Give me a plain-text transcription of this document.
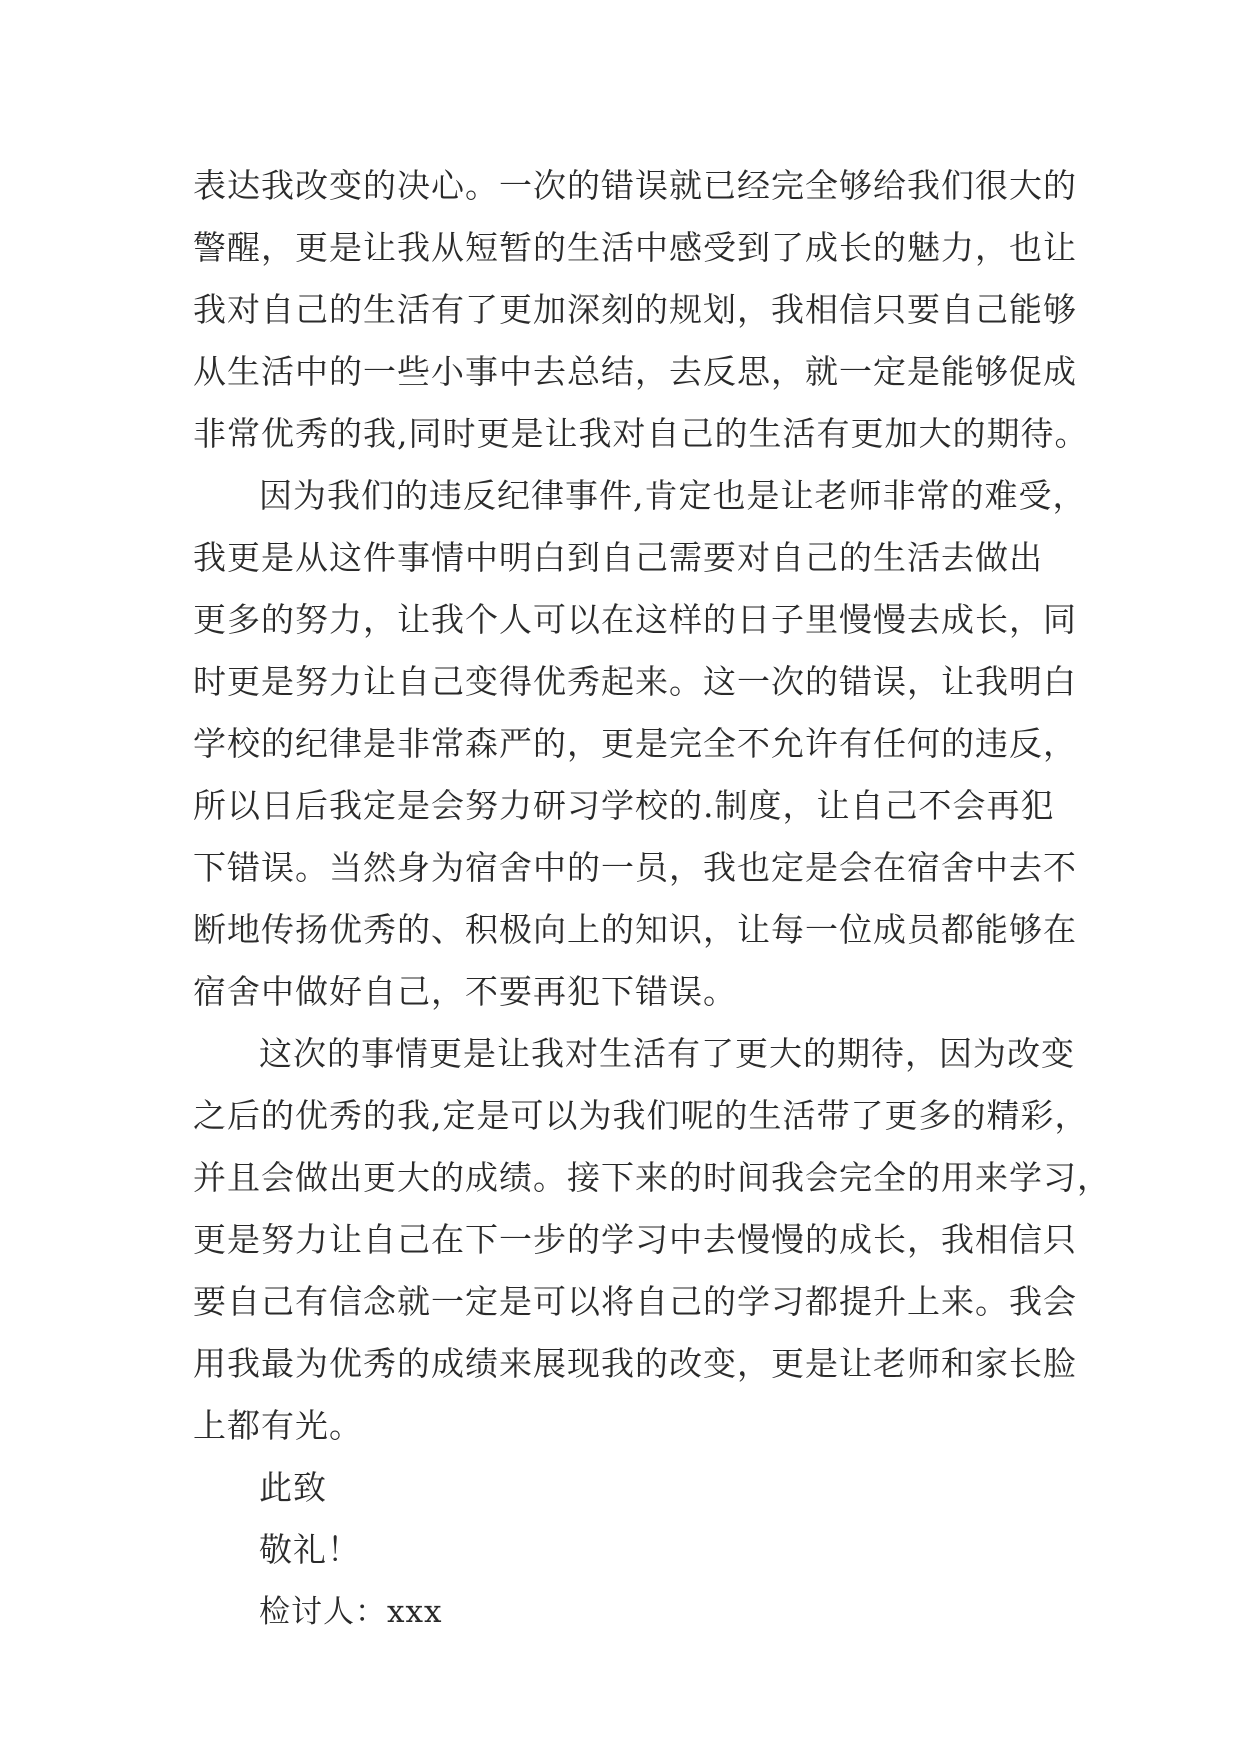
表达我改变的决心。一次的错误就已经完全够给我们很大的
警醒，更是让我从短暂的生活中感受到了成长的魅力，也让
我对自己的生活有了更加深刻的规划，我相信只要自己能够
从生活中的一些小事中去总结，去反思，就一定是能够促成
非常优秀的我,同时更是让我对自己的生活有更加大的期待。
因为我们的违反纪律事件,肯定也是让老师非常的难受，
我更是从这件事情中明白到自己需要对自己的生活去做出
更多的努力，让我个人可以在这样的日子里慢慢去成长，同
时更是努力让自己变得优秀起来。这一次的错误，让我明白
学校的纪律是非常森严的，更是完全不允许有任何的违反，
所以日后我定是会努力研习学校的.制度，让自己不会再犯
下错误。当然身为宿舍中的一员，我也定是会在宿舍中去不
断地传扬优秀的、积极向上的知识，让每一位成员都能够在
宿舍中做好自己，不要再犯下错误。
这次的事情更是让我对生活有了更大的期待，因为改变
之后的优秀的我,定是可以为我们呢的生活带了更多的精彩，
并且会做出更大的成绩。接下来的时间我会完全的用来学习，
更是努力让自己在下一步的学习中去慢慢的成长，我相信只
要自己有信念就一定是可以将自己的学习都提升上来。我会
用我最为优秀的成绩来展现我的改变，更是让老师和家长脸
上都有光。
此致
敬礼！
检讨人：xxx
